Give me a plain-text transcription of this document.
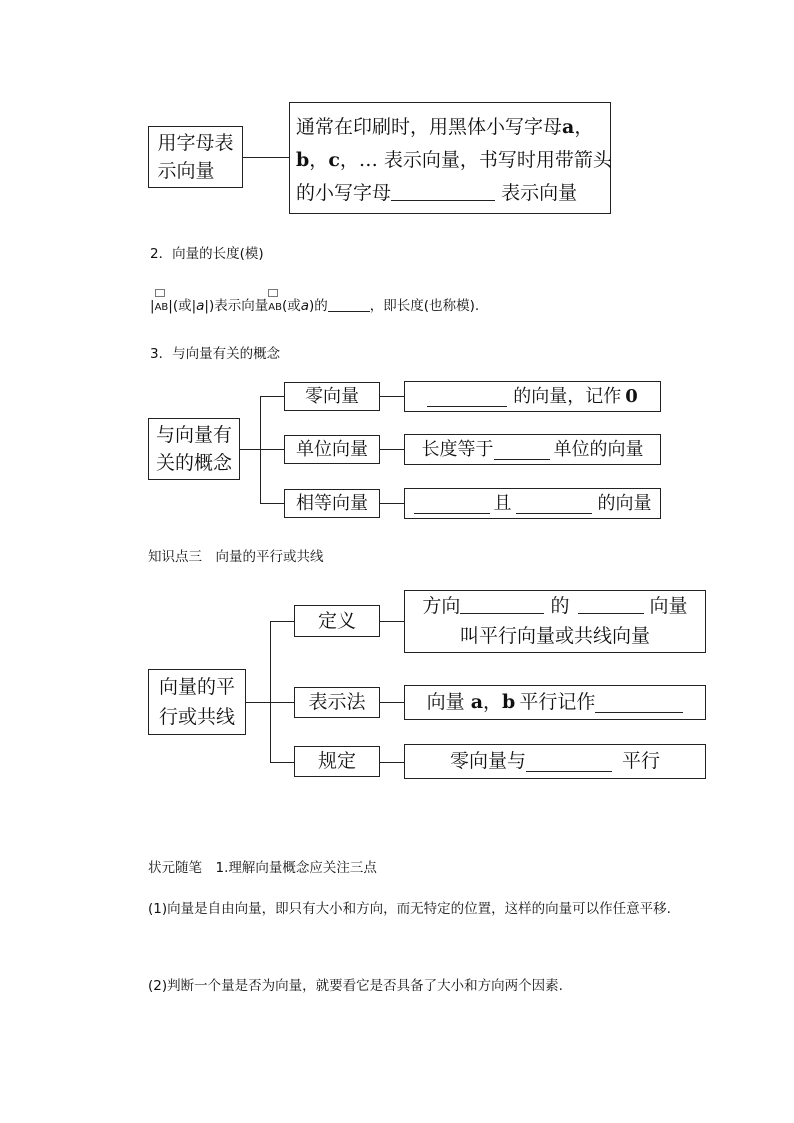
用字母表
示向量
通常在印刷时，用黑体小写字母a，
b，c，… 表示向量，书写时用带箭头
的小写字母	表示向量
2．向量的长度(模)
|
AB|(或|a|)表示向量
AB(或a)的	，即长度(也称模).
3．与向量有关的概念
与向量有
关的概念
零向量	的向量，记作 0
单位向量	长度等于	单位的向量
相等向量	且	的向量
知识点三　向量的平行或共线
向量的平
行或共线
定义
方向	的	向量
叫平行向量或共线向量
表示法	向量 a ， b 平行记作
规定	零向量与	平行
状元随笔　1.理解向量概念应关注三点
(1)向量是自由向量，即只有大小和方向，而无特定的位置，这样的向量可以作任意平移.
(2)判断一个量是否为向量，就要看它是否具备了大小和方向两个因素.
